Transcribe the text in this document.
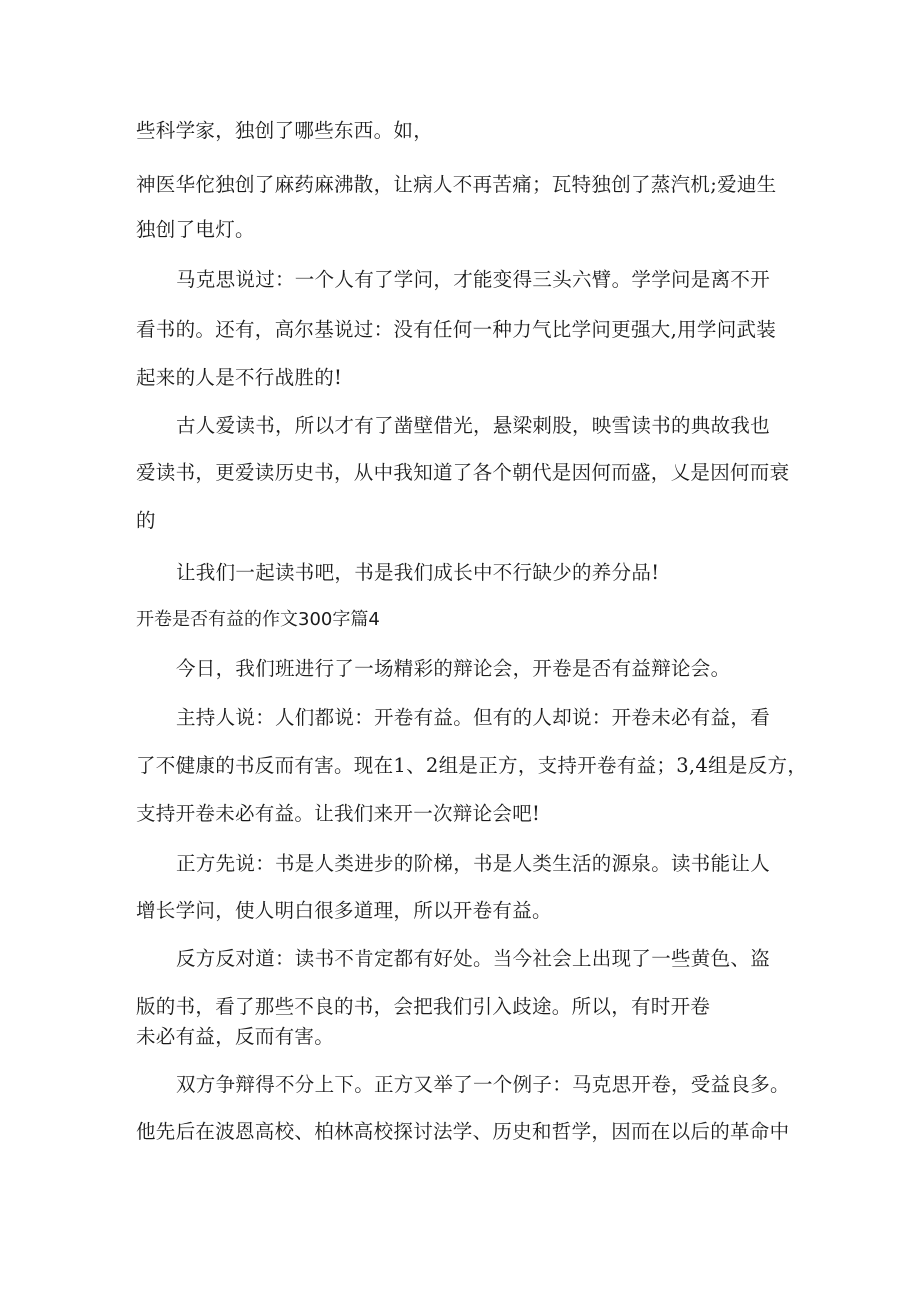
些科学家，独创了哪些东西。如，
神医华佗独创了麻药麻沸散，让病人不再苦痛；瓦特独创了蒸汽机;爱迪生
独创了电灯。
马克思说过：一个人有了学问，才能变得三头六臂。学学问是离不开
看书的。还有，高尔基说过：没有任何一种力气比学问更强大,用学问武装
起来的人是不行战胜的!
古人爱读书，所以才有了凿壁借光，悬梁刺股，映雪读书的典故我也
爱读书，更爱读历史书，从中我知道了各个朝代是因何而盛，乂是因何而衰
的
让我们一起读书吧，书是我们成长中不行缺少的养分品!
开卷是否有益的作文300字篇4
今日，我们班进行了一场精彩的辩论会，开卷是否有益辩论会。
主持人说：人们都说：开卷有益。但有的人却说：开卷未必有益，看
了不健康的书反而有害。现在1、2组是正方，支持开卷有益；3,4组是反方，
支持开卷未必有益。让我们来开一次辩论会吧!
正方先说：书是人类进步的阶梯，书是人类生活的源泉。读书能让人
增长学问，使人明白很多道理，所以开卷有益。
反方反对道：读书不肯定都有好处。当今社会上出现了一些黄色、盗
版的书，看了那些不良的书，会把我们引入歧途。所以，有时开卷
未必有益，反而有害。
双方争辩得不分上下。正方又举了一个例子：马克思开卷，受益良多。
他先后在波恩高校、柏林高校探讨法学、历史和哲学，因而在以后的革命中
